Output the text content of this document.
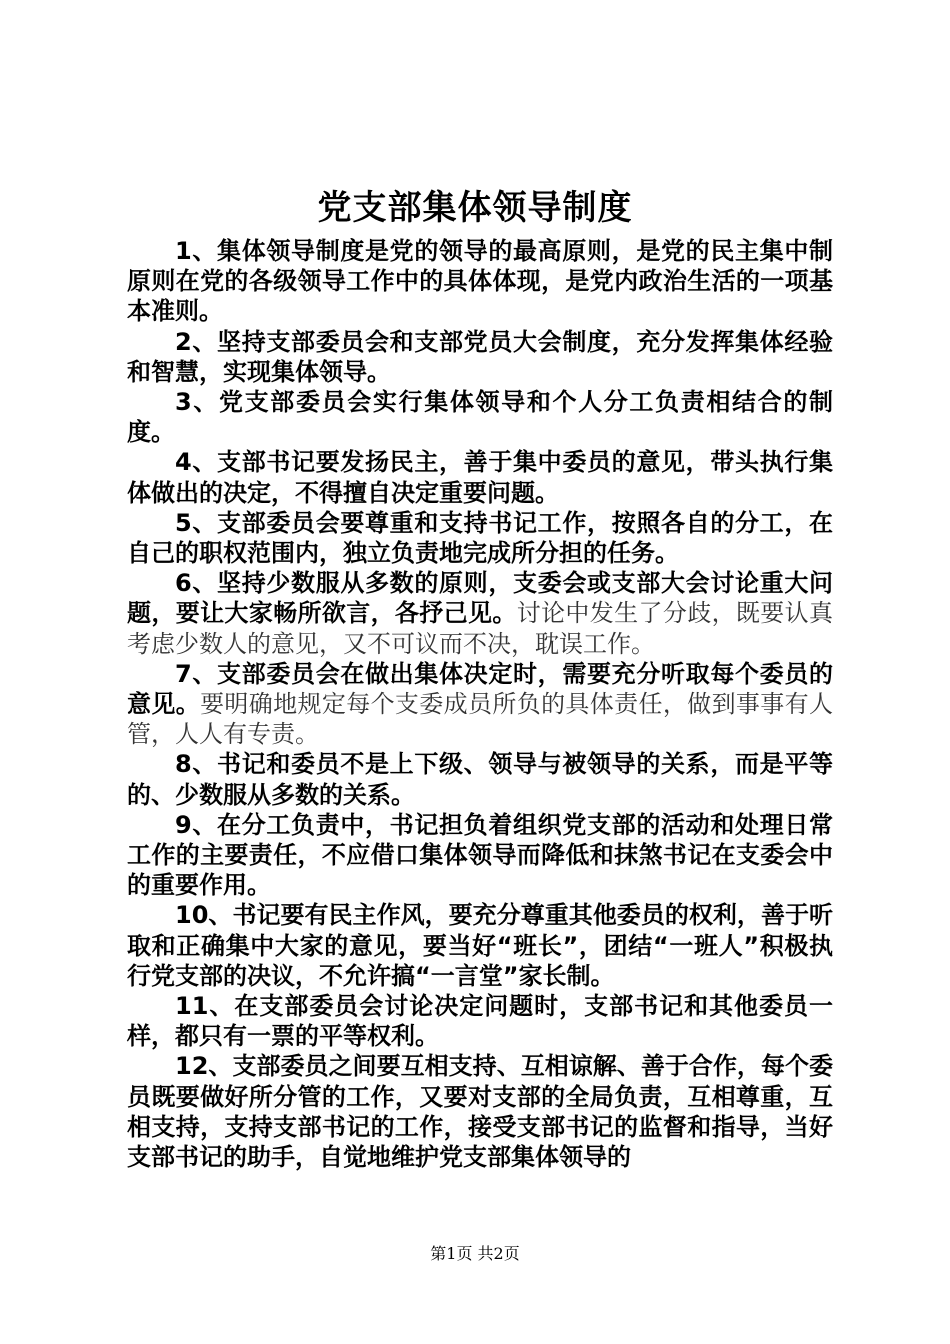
党支部集体领导制度

1、集体领导制度是党的领导的最高原则，是党的民主集中制原则在党的各级领导工作中的具体体现，是党内政治生活的一项基本准则。

2、坚持支部委员会和支部党员大会制度，充分发挥集体经验和智慧，实现集体领导。

3、党支部委员会实行集体领导和个人分工负责相结合的制度。

4、支部书记要发扬民主，善于集中委员的意见，带头执行集体做出的决定，不得擅自决定重要问题。

5、支部委员会要尊重和支持书记工作，按照各自的分工，在自己的职权范围内，独立负责地完成所分担的任务。

6、坚持少数服从多数的原则，支委会或支部大会讨论重大问题，要让大家畅所欲言，各抒己见。讨论中发生了分歧，既要认真考虑少数人的意见，又不可议而不决，耽误工作。

7、支部委员会在做出集体决定时，需要充分听取每个委员的意见。要明确地规定每个支委成员所负的具体责任，做到事事有人管，人人有专责。

8、书记和委员不是上下级、领导与被领导的关系，而是平等的、少数服从多数的关系。

9、在分工负责中，书记担负着组织党支部的活动和处理日常工作的主要责任，不应借口集体领导而降低和抹煞书记在支委会中的重要作用。

10、书记要有民主作风，要充分尊重其他委员的权利，善于听取和正确集中大家的意见，要当好“班长”，团结“一班人”积极执行党支部的决议，不允许搞“一言堂”家长制。

11、在支部委员会讨论决定问题时，支部书记和其他委员一样，都只有一票的平等权利。

12、支部委员之间要互相支持、互相谅解、善于合作，每个委员既要做好所分管的工作，又要对支部的全局负责，互相尊重，互相支持，支持支部书记的工作，接受支部书记的监督和指导，当好支部书记的助手，自觉地维护党支部集体领导的

第1页 共2页
